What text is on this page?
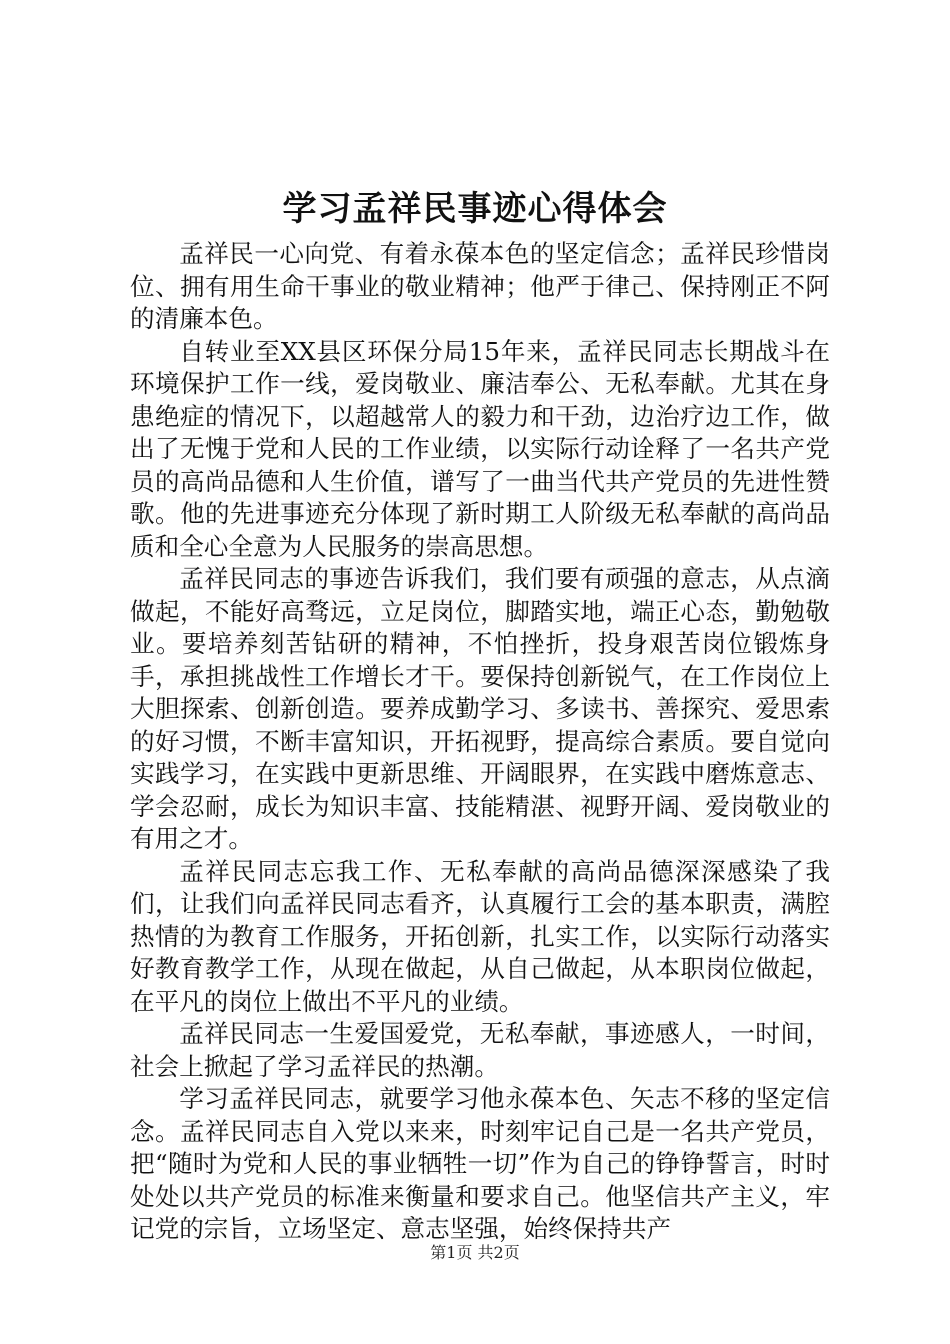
学习孟祥民事迹心得体会

孟祥民一心向党、有着永葆本色的坚定信念；孟祥民珍惜岗位、拥有用生命干事业的敬业精神；他严于律己、保持刚正不阿的清廉本色。

自转业至XX县区环保分局15年来，孟祥民同志长期战斗在环境保护工作一线，爱岗敬业、廉洁奉公、无私奉献。尤其在身患绝症的情况下，以超越常人的毅力和干劲，边治疗边工作，做出了无愧于党和人民的工作业绩，以实际行动诠释了一名共产党员的高尚品德和人生价值，谱写了一曲当代共产党员的先进性赞歌。他的先进事迹充分体现了新时期工人阶级无私奉献的高尚品质和全心全意为人民服务的崇高思想。

孟祥民同志的事迹告诉我们，我们要有顽强的意志，从点滴做起，不能好高骛远，立足岗位，脚踏实地，端正心态，勤勉敬业。要培养刻苦钻研的精神，不怕挫折，投身艰苦岗位锻炼身手，承担挑战性工作增长才干。要保持创新锐气，在工作岗位上大胆探索、创新创造。要养成勤学习、多读书、善探究、爱思索的好习惯，不断丰富知识，开拓视野，提高综合素质。要自觉向实践学习，在实践中更新思维、开阔眼界，在实践中磨炼意志、学会忍耐，成长为知识丰富、技能精湛、视野开阔、爱岗敬业的有用之才。

孟祥民同志忘我工作、无私奉献的高尚品德深深感染了我们，让我们向孟祥民同志看齐，认真履行工会的基本职责，满腔热情的为教育工作服务，开拓创新，扎实工作，以实际行动落实好教育教学工作，从现在做起，从自己做起，从本职岗位做起，在平凡的岗位上做出不平凡的业绩。

孟祥民同志一生爱国爱党，无私奉献，事迹感人，一时间，社会上掀起了学习孟祥民的热潮。

学习孟祥民同志，就要学习他永葆本色、矢志不移的坚定信念。孟祥民同志自入党以来来，时刻牢记自己是一名共产党员，把“随时为党和人民的事业牺牲一切”作为自己的铮铮誓言，时时处处以共产党员的标准来衡量和要求自己。他坚信共产主义，牢记党的宗旨，立场坚定、意志坚强，始终保持共产

第1页 共2页
